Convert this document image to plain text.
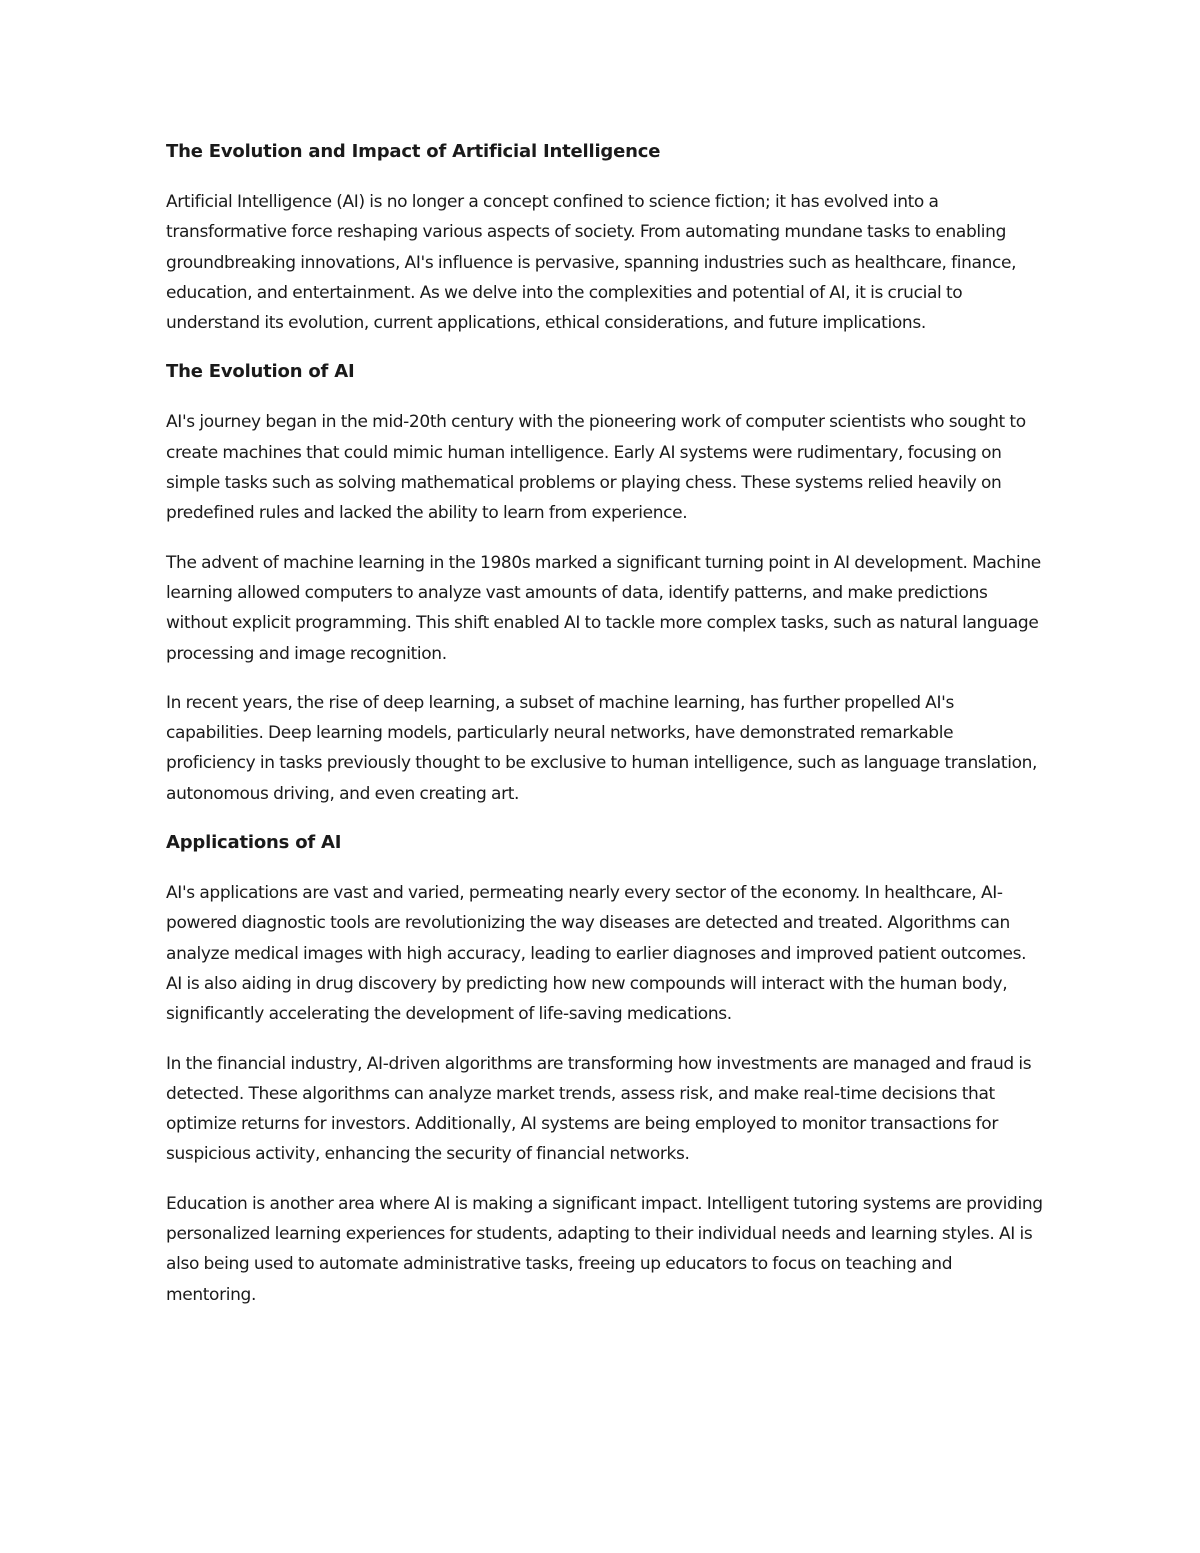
The Evolution and Impact of Artificial Intelligence

Artificial Intelligence (AI) is no longer a concept confined to science fiction; it has evolved into a transformative force reshaping various aspects of society. From automating mundane tasks to enabling groundbreaking innovations, AI's influence is pervasive, spanning industries such as healthcare, finance, education, and entertainment. As we delve into the complexities and potential of AI, it is crucial to understand its evolution, current applications, ethical considerations, and future implications.

The Evolution of AI

AI's journey began in the mid-20th century with the pioneering work of computer scientists who sought to create machines that could mimic human intelligence. Early AI systems were rudimentary, focusing on simple tasks such as solving mathematical problems or playing chess. These systems relied heavily on predefined rules and lacked the ability to learn from experience.

The advent of machine learning in the 1980s marked a significant turning point in AI development. Machine learning allowed computers to analyze vast amounts of data, identify patterns, and make predictions without explicit programming. This shift enabled AI to tackle more complex tasks, such as natural language processing and image recognition.

In recent years, the rise of deep learning, a subset of machine learning, has further propelled AI's capabilities. Deep learning models, particularly neural networks, have demonstrated remarkable proficiency in tasks previously thought to be exclusive to human intelligence, such as language translation, autonomous driving, and even creating art.

Applications of AI

AI's applications are vast and varied, permeating nearly every sector of the economy. In healthcare, AI-powered diagnostic tools are revolutionizing the way diseases are detected and treated. Algorithms can analyze medical images with high accuracy, leading to earlier diagnoses and improved patient outcomes. AI is also aiding in drug discovery by predicting how new compounds will interact with the human body, significantly accelerating the development of life-saving medications.

In the financial industry, AI-driven algorithms are transforming how investments are managed and fraud is detected. These algorithms can analyze market trends, assess risk, and make real-time decisions that optimize returns for investors. Additionally, AI systems are being employed to monitor transactions for suspicious activity, enhancing the security of financial networks.

Education is another area where AI is making a significant impact. Intelligent tutoring systems are providing personalized learning experiences for students, adapting to their individual needs and learning styles. AI is also being used to automate administrative tasks, freeing up educators to focus on teaching and mentoring.
